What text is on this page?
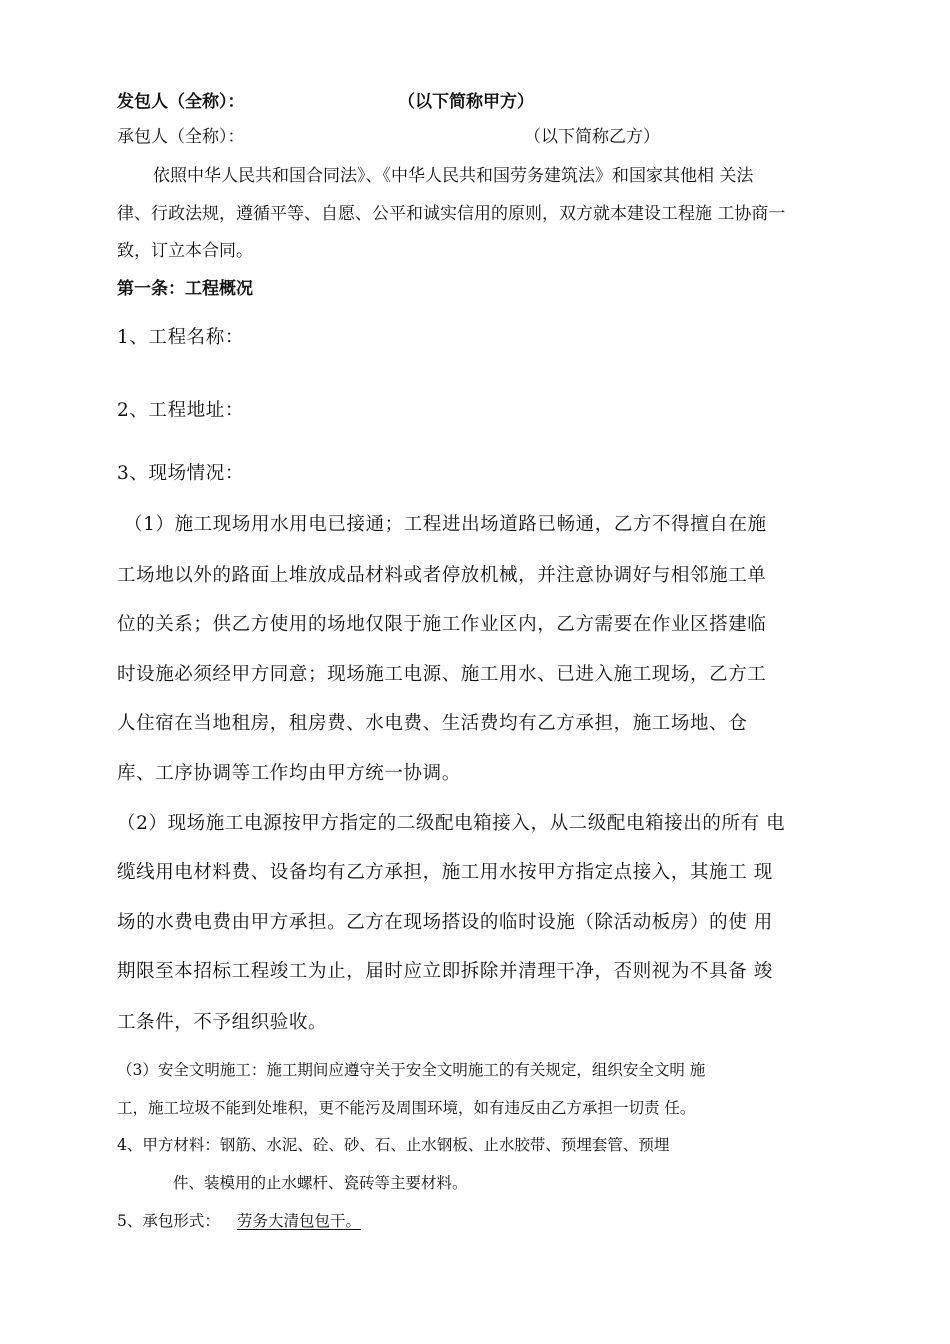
发包人（全称）：	（以下简称甲方）
承包人（全称）：	（以下简称乙方）
依照中华人民共和国合同法》、《中华人民共和国劳务建筑法》和国家其他相 关法
律、行政法规，遵循平等、自愿、公平和诚实信用的原则，双方就本建设工程施 工协商一
致，订立本合同。
第一条：工程概况
1、工程名称：
2、工程地址：
3、现场情况：
（1）施工现场用水用电已接通；工程进出场道路已畅通，乙方不得擅自在施
工场地以外的路面上堆放成品材料或者停放机械，并注意协调好与相邻施工单
位的关系；供乙方使用的场地仅限于施工作业区内，乙方需要在作业区搭建临
时设施必须经甲方同意；现场施工电源、施工用水、已进入施工现场，乙方工
人住宿在当地租房，租房费、水电费、生活费均有乙方承担，施工场地、仓
库、工序协调等工作均由甲方统一协调。
（2）现场施工电源按甲方指定的二级配电箱接入，从二级配电箱接出的所有 电
缆线用电材料费、设备均有乙方承担，施工用水按甲方指定点接入，其施工 现
场的水费电费由甲方承担。乙方在现场搭设的临时设施（除活动板房）的使 用
期限至本招标工程竣工为止，届时应立即拆除并清理干净，否则视为不具备 竣
工条件，不予组织验收。
（3）安全文明施工：施工期间应遵守关于安全文明施工的有关规定，组织安全文明 施
工，施工垃圾不能到处堆积，更不能污及周围环境，如有违反由乙方承担一切责 任。
4、甲方材料：钢筋、水泥、砼、砂、石、止水钢板、止水胶带、预埋套管、预埋
件、装模用的止水螺杆、瓷砖等主要材料。
5、承包形式： 劳务大清包包干。
